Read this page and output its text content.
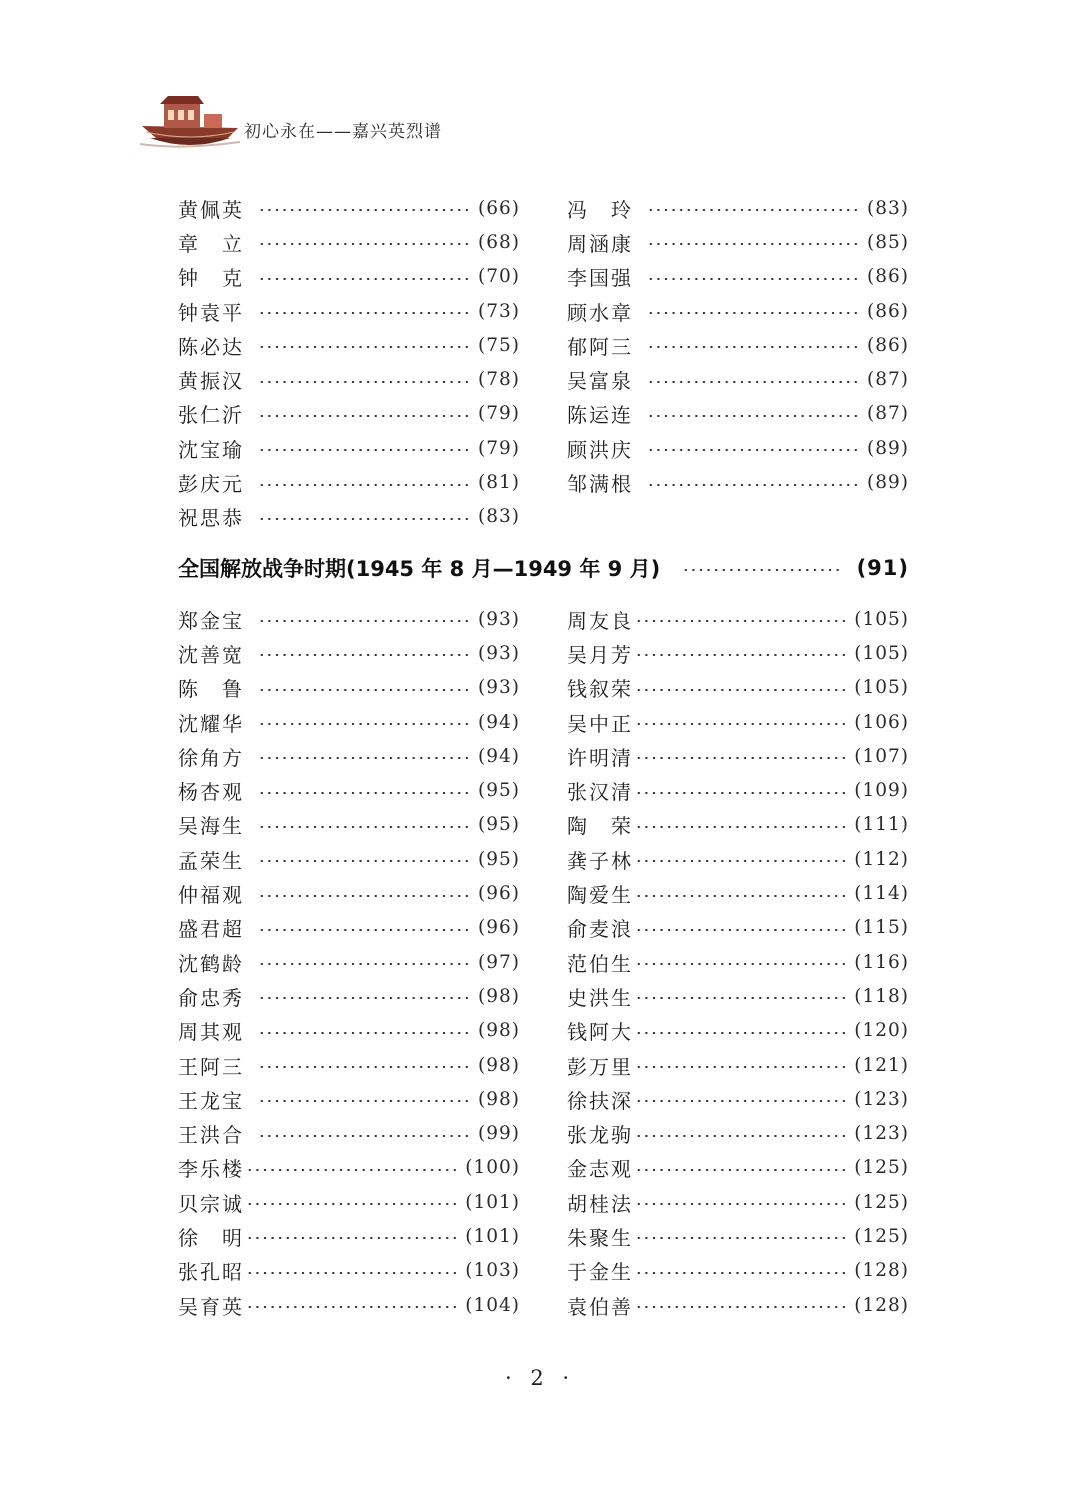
初心永在——嘉兴英烈谱
黄佩英	(66)
章　立	(68)
钟　克	(70)
钟袁平	(73)
陈必达	(75)
黄振汉	(78)
张仁沂	(79)
沈宝瑜	(79)
彭庆元	(81)
祝思恭	(83)
冯　玲	(83)
周涵康	(85)
李国强	(86)
顾水章	(86)
郁阿三	(86)
吴富泉	(87)
陈运连	(87)
顾洪庆	(89)
邹满根	(89)
全国解放战争时期(1945 年 8 月—1949 年 9 月)	(91)
郑金宝	(93)
沈善宽	(93)
陈　鲁	(93)
沈耀华	(94)
徐角方	(94)
杨杏观	(95)
吴海生	(95)
孟荣生	(95)
仲福观	(96)
盛君超	(96)
沈鹤龄	(97)
俞忠秀	(98)
周其观	(98)
王阿三	(98)
王龙宝	(98)
王洪合	(99)
李乐楼	(100)
贝宗诚	(101)
徐　明	(101)
张孔昭	(103)
吴育英	(104)
周友良	(105)
吴月芳	(105)
钱叙荣	(105)
吴中正	(106)
许明清	(107)
张汉清	(109)
陶　荣	(111)
龚子林	(112)
陶爱生	(114)
俞麦浪	(115)
范伯生	(116)
史洪生	(118)
钱阿大	(120)
彭万里	(121)
徐扶深	(123)
张龙驹	(123)
金志观	(125)
胡桂法	(125)
朱聚生	(125)
于金生	(128)
袁伯善	(128)
· 2 ·
